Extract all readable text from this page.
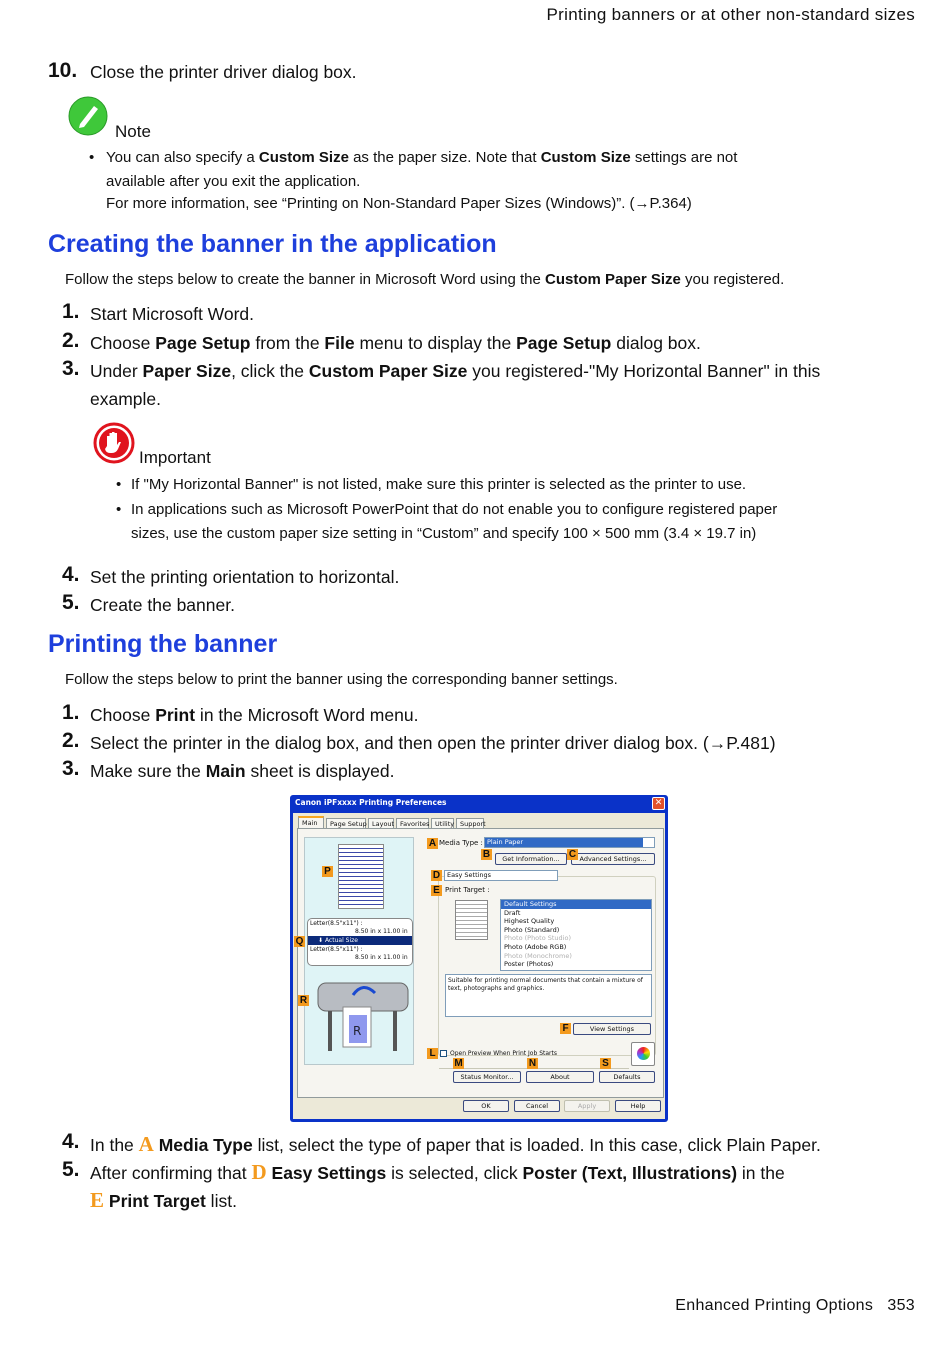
Printing banners or at other non-standard sizes
10. Close the printer driver dialog box.
Note
• You can also specify a Custom Size as the paper size. Note that Custom Size settings are not
available after you exit the application.
For more information, see “Printing on Non-Standard Paper Sizes (Windows)”. (→P.364)
Creating the banner in the application
Follow the steps below to create the banner in Microsoft Word using the Custom Paper Size you registered.
1. Start Microsoft Word.
2. Choose Page Setup from the File menu to display the Page Setup dialog box.
3. Under Paper Size, click the Custom Paper Size you registered-"My Horizontal Banner" in this
example.
Important
• If "My Horizontal Banner" is not listed, make sure this printer is selected as the printer to use.
• In applications such as Microsoft PowerPoint that do not enable you to configure registered paper
sizes, use the custom paper size setting in “Custom” and specify 100 × 500 mm (3.4 × 19.7 in)
4. Set the printing orientation to horizontal.
5. Create the banner.
Printing the banner
Follow the steps below to print the banner using the corresponding banner settings.
1. Choose Print in the Microsoft Word menu.
2. Select the printer in the dialog box, and then open the printer driver dialog box. (→P.481)
3. Make sure the Main sheet is displayed.
Canon iPFxxxx Printing Preferences	✕
Main	Page Setup Layout Favorites Utility Support
P
Letter(8.5"x11") :
8.50 in x 11.00 in
⬇ Actual Size
Letter(8.5"x11") :
8.50 in x 11.00 in
Q
R
R
A Media Type : Plain Paper
B	Get Information...	Advanced Settings...
C
D	Easy Settings
E Print Target :
Default Settings
Draft
Highest Quality
Photo (Standard)
Photo (Photo Studio)
Photo (Adobe RGB)
Photo (Monochrome)
Poster (Photos)
Suitable for printing normal documents that contain a mixture of
text, photographs and graphics.
F	View Settings
L	Open Preview When Print Job Starts
M	N	S
Status Monitor...	About	Defaults
OK	Cancel	Apply	Help
4. In the A Media Type list, select the type of paper that is loaded. In this case, click Plain Paper.
5. After confirming that D Easy Settings is selected, click Poster (Text, Illustrations) in the
E Print Target list.
Enhanced Printing Options 353
